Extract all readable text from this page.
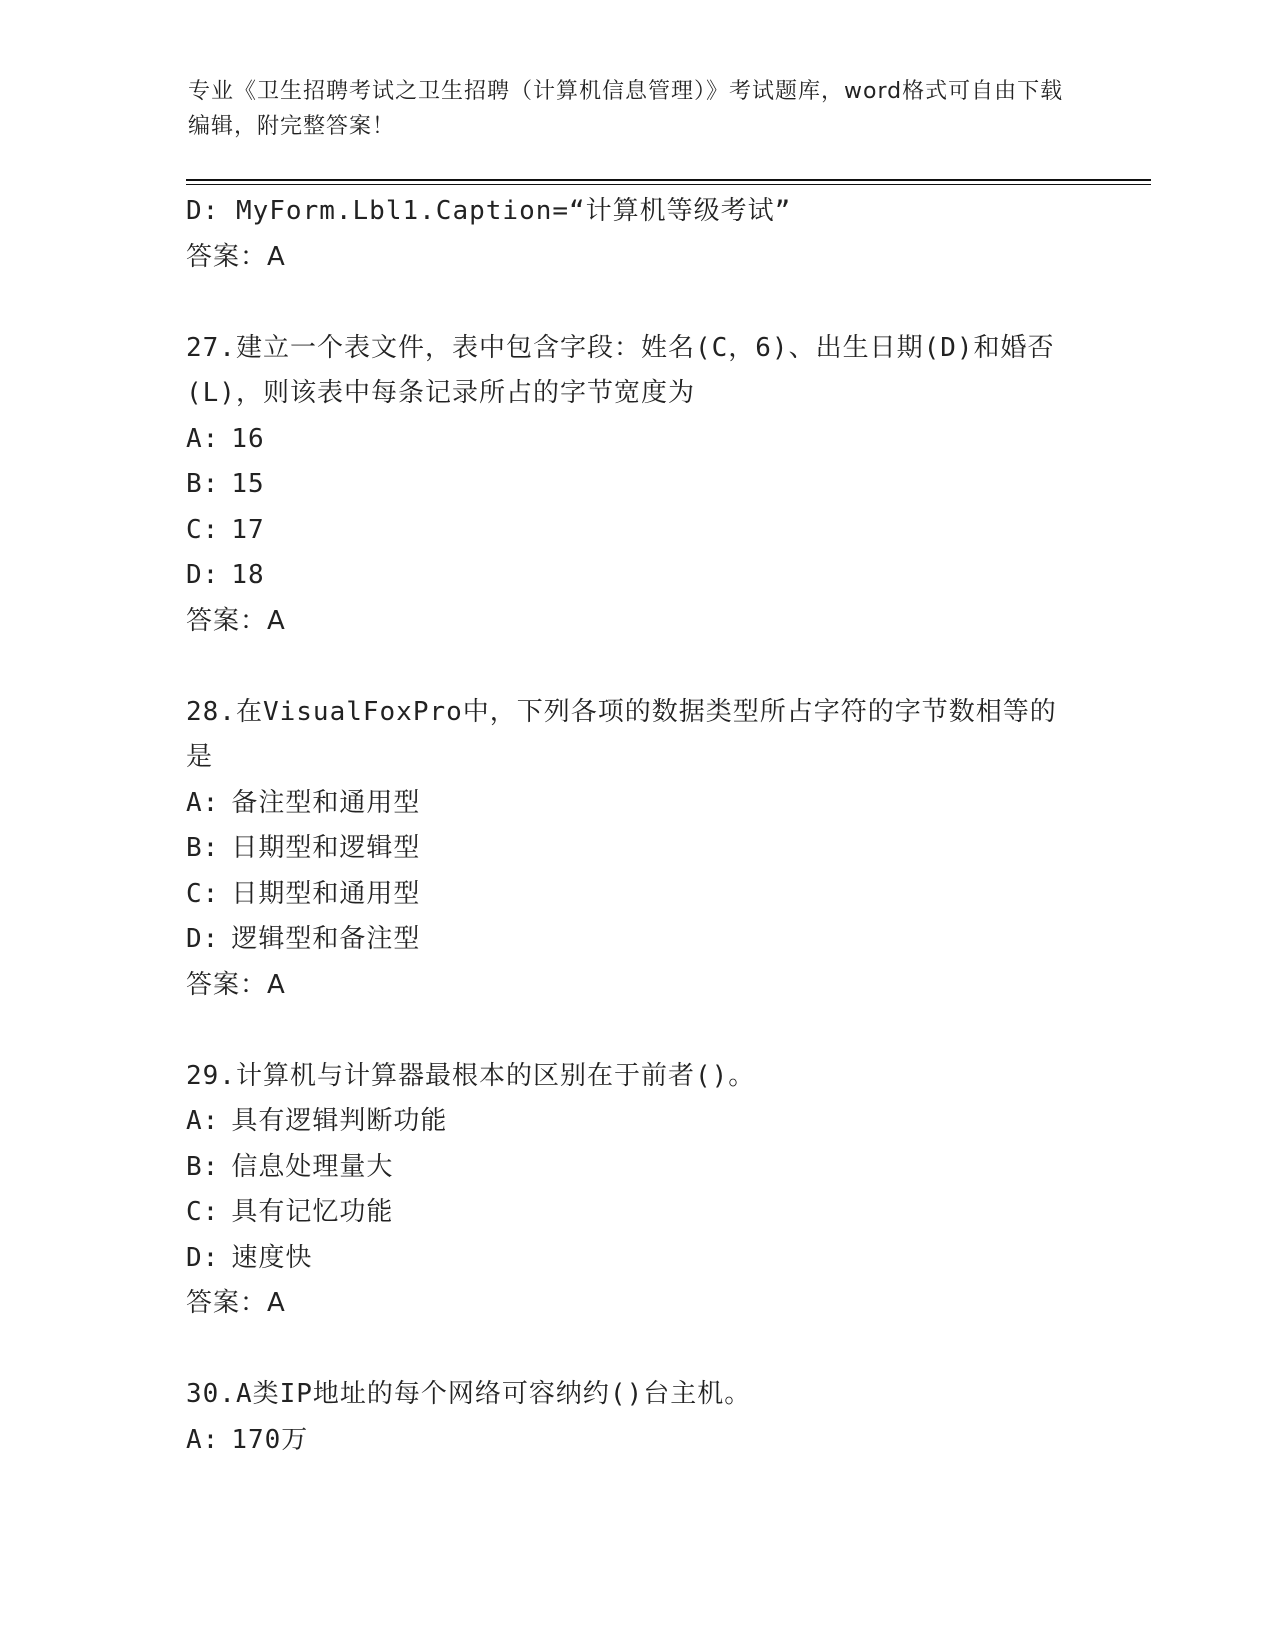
专业《卫生招聘考试之卫生招聘（计算机信息管理）》考试题库，word格式可自由下载编辑，附完整答案！
D: MyForm.Lbl1.Caption=“计算机等级考试”
答案：A
27.建立一个表文件，表中包含字段：姓名(C，6)、出生日期(D)和婚否(L)，则该表中每条记录所占的字节宽度为
A: 16
B: 15
C: 17
D: 18
答案：A
28.在VisualFoxPro中，下列各项的数据类型所占字符的字节数相等的是
A: 备注型和通用型
B: 日期型和逻辑型
C: 日期型和通用型
D: 逻辑型和备注型
答案：A
29.计算机与计算器最根本的区别在于前者()。
A: 具有逻辑判断功能
B: 信息处理量大
C: 具有记忆功能
D: 速度快
答案：A
30.A类IP地址的每个网络可容纳约()台主机。
A: 170万
